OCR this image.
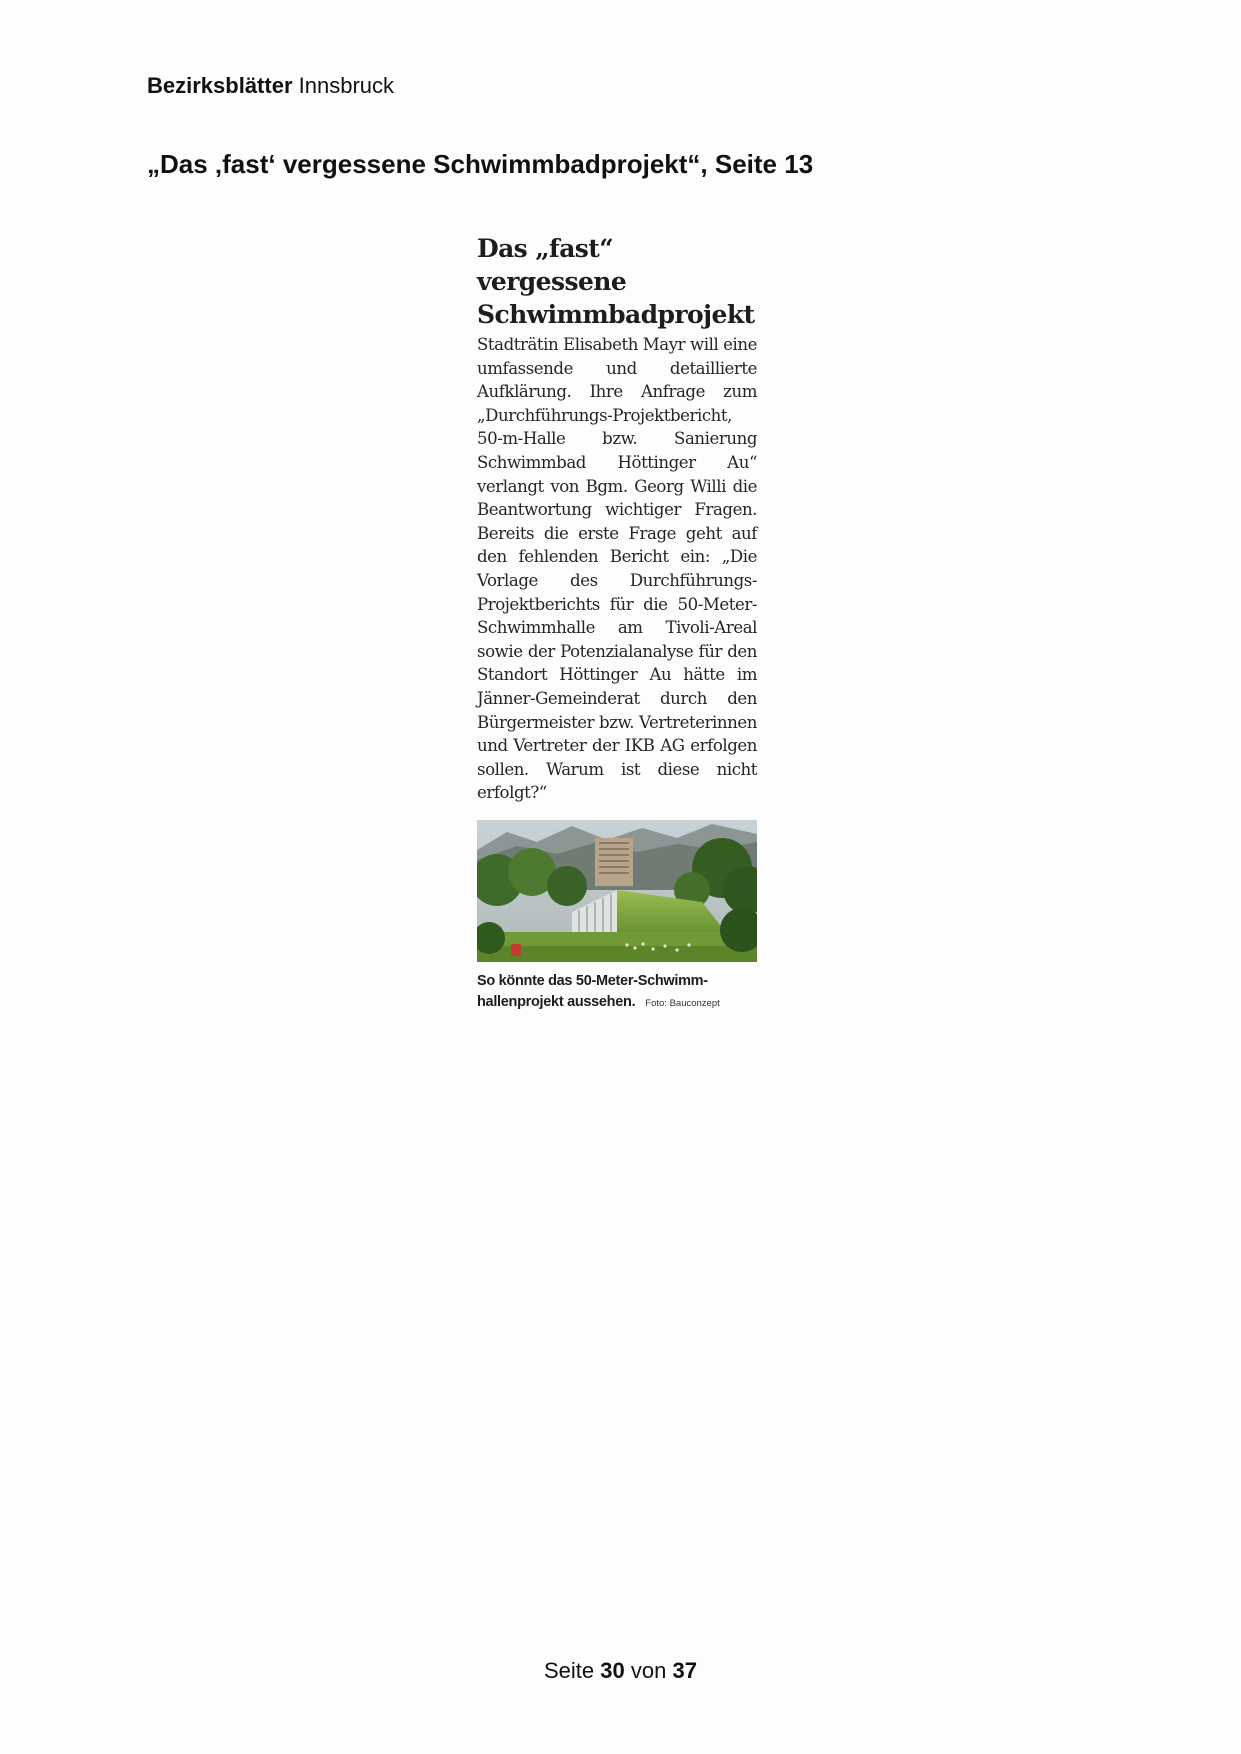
Bezirksblätter Innsbruck
„Das ‚fast‘ vergessene Schwimmbadprojekt“, Seite 13
Das „fast“ vergessene Schwimmbadprojekt
Stadträtin Elisabeth Mayr will eine umfassende und detaillierte Aufklärung. Ihre Anfrage zum „Durchführungs-Projektbericht, 50-m-Halle bzw. Sanierung Schwimmbad Höttinger Au“ verlangt von Bgm. Georg Willi die Beantwortung wichtiger Fragen. Bereits die erste Frage geht auf den fehlenden Bericht ein: „Die Vorlage des Durchführungs-Projektberichts für die 50-Meter-Schwimmhalle am Tivoli-Areal sowie der Potenzialanalyse für den Standort Höttinger Au hätte im Jänner-Gemeinderat durch den Bürgermeister bzw. Vertreterinnen und Vertreter der IKB AG erfolgen sollen. Warum ist diese nicht erfolgt?“
So könnte das 50-Meter-Schwimmhallenprojekt aussehen. Foto: Bauconzept
Seite 30 von 37
